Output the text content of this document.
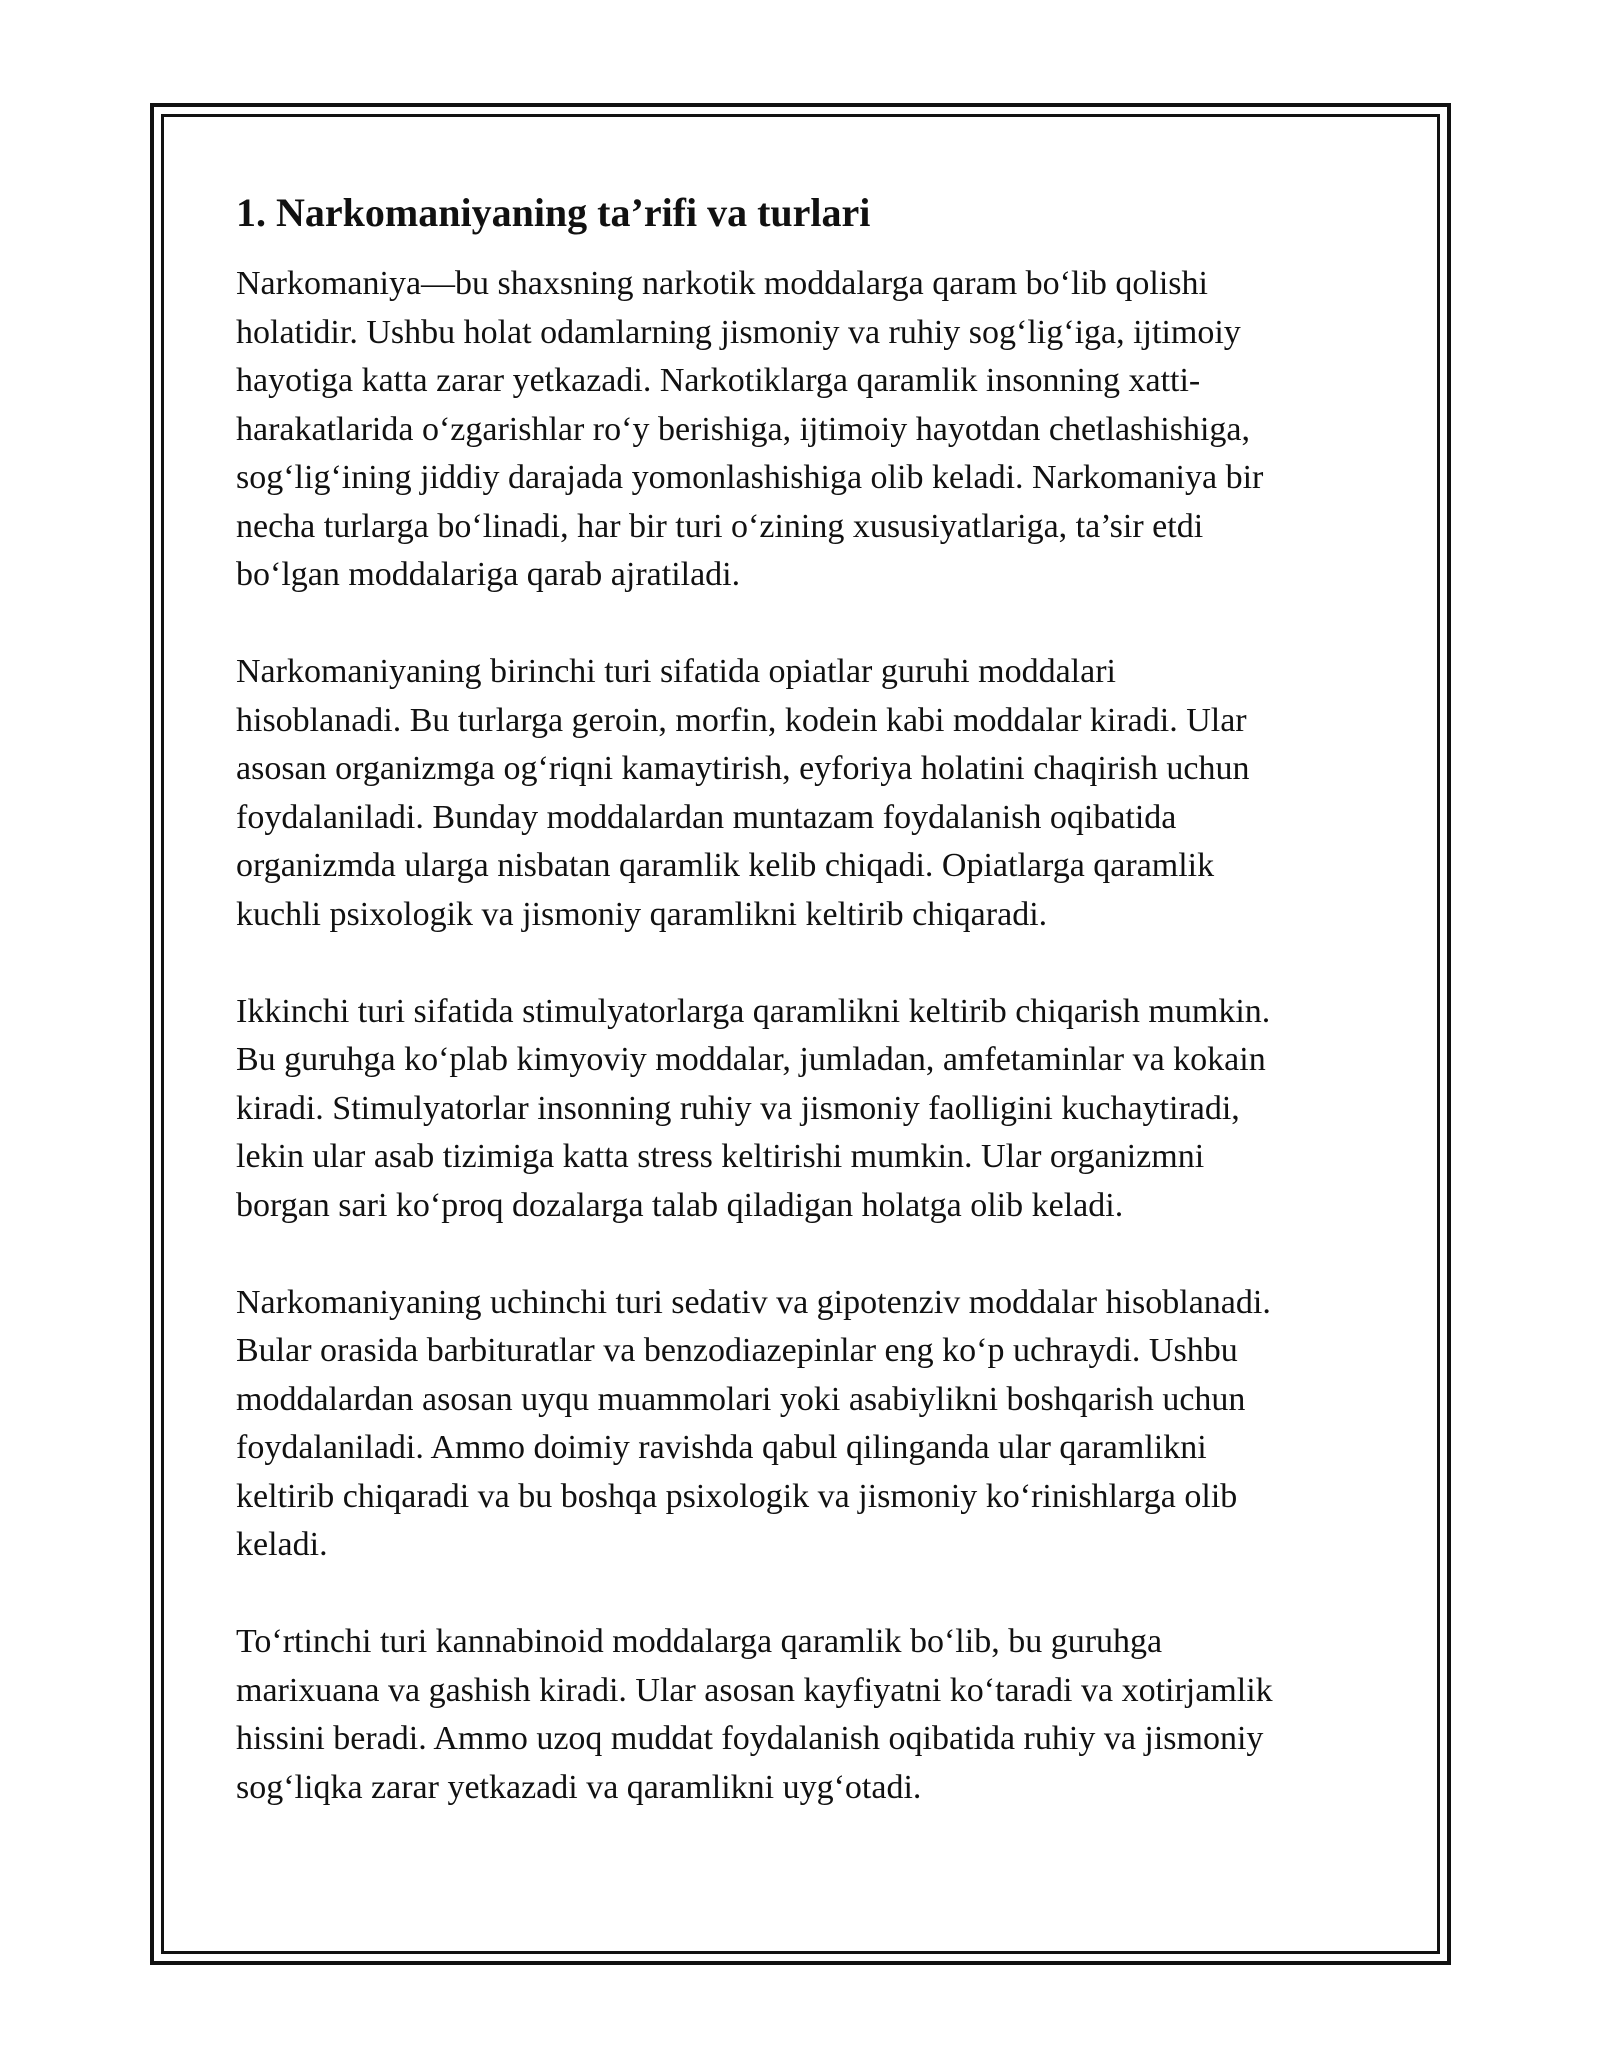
1. Narkomaniyaning ta’rifi va turlari

Narkomaniya—bu shaxsning narkotik moddalarga qaram bo‘lib qolishi
holatidir. Ushbu holat odamlarning jismoniy va ruhiy sog‘lig‘iga, ijtimoiy
hayotiga katta zarar yetkazadi. Narkotiklarga qaramlik insonning xatti-
harakatlarida o‘zgarishlar ro‘y berishiga, ijtimoiy hayotdan chetlashishiga,
sog‘lig‘ining jiddiy darajada yomonlashishiga olib keladi. Narkomaniya bir
necha turlarga bo‘linadi, har bir turi o‘zining xususiyatlariga, ta’sir etdi
bo‘lgan moddalariga qarab ajratiladi.

Narkomaniyaning birinchi turi sifatida opiatlar guruhi moddalari
hisoblanadi. Bu turlarga geroin, morfin, kodein kabi moddalar kiradi. Ular
asosan organizmga og‘riqni kamaytirish, eyforiya holatini chaqirish uchun
foydalaniladi. Bunday moddalardan muntazam foydalanish oqibatida
organizmda ularga nisbatan qaramlik kelib chiqadi. Opiatlarga qaramlik
kuchli psixologik va jismoniy qaramlikni keltirib chiqaradi.

Ikkinchi turi sifatida stimulyatorlarga qaramlikni keltirib chiqarish mumkin.
Bu guruhga ko‘plab kimyoviy moddalar, jumladan, amfetaminlar va kokain
kiradi. Stimulyatorlar insonning ruhiy va jismoniy faolligini kuchaytiradi,
lekin ular asab tizimiga katta stress keltirishi mumkin. Ular organizmni
borgan sari ko‘proq dozalarga talab qiladigan holatga olib keladi.

Narkomaniyaning uchinchi turi sedativ va gipotenziv moddalar hisoblanadi.
Bular orasida barbituratlar va benzodiazepinlar eng ko‘p uchraydi. Ushbu
moddalardan asosan uyqu muammolari yoki asabiylikni boshqarish uchun
foydalaniladi. Ammo doimiy ravishda qabul qilinganda ular qaramlikni
keltirib chiqaradi va bu boshqa psixologik va jismoniy ko‘rinishlarga olib
keladi.

To‘rtinchi turi kannabinoid moddalarga qaramlik bo‘lib, bu guruhga
marixuana va gashish kiradi. Ular asosan kayfiyatni ko‘taradi va xotirjamlik
hissini beradi. Ammo uzoq muddat foydalanish oqibatida ruhiy va jismoniy
sog‘liqka zarar yetkazadi va qaramlikni uyg‘otadi.
